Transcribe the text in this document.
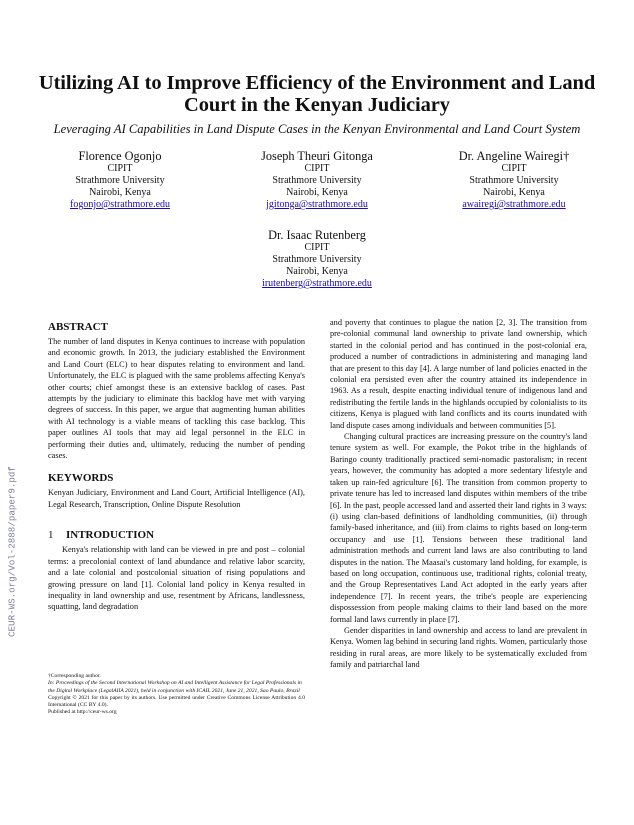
CEUR-WS.org/Vol-2888/paper9.pdf
Utilizing AI to Improve Efficiency of the Environment and Land
Court in the Kenyan Judiciary
Leveraging AI Capabilities in Land Dispute Cases in the Kenyan Environmental and Land Court System
Florence Ogonjo
CIPIT
Strathmore University
Nairobi, Kenya
fogonjo@strathmore.edu
Joseph Theuri Gitonga
CIPIT
Strathmore University
Nairobi, Kenya
jgitonga@strathmore.edu
Dr. Angeline Wairegi†
CIPIT
Strathmore University
Nairobi, Kenya
awairegi@strathmore.edu
Dr. Isaac Rutenberg
CIPIT
Strathmore University
Nairobi, Kenya
irutenberg@strathmore.edu
ABSTRACT

The number of land disputes in Kenya continues to increase with population and economic growth. In 2013, the judiciary established the Environment and Land Court (ELC) to hear disputes relating to environment and land. Unfortunately, the ELC is plagued with the same problems affecting Kenya's other courts; chief amongst these is an extensive backlog of cases. Past attempts by the judiciary to eliminate this backlog have met with varying degrees of success. In this paper, we argue that augmenting human abilities with AI technology is a viable means of tackling this case backlog. This paper outlines AI tools that may aid legal personnel in the ELC in performing their duties and, ultimately, reducing the number of pending cases.

KEYWORDS

Kenyan Judiciary, Environment and Land Court, Artificial Intelligence (AI), Legal Research, Transcription, Online Dispute Resolution

1 INTRODUCTION

Kenya's relationship with land can be viewed in pre and post – colonial terms: a precolonial context of land abundance and relative labor scarcity, and a late colonial and postcolonial situation of rising populations and growing pressure on land [1]. Colonial land policy in Kenya resulted in inequality in land ownership and use, resentment by Africans, landlessness, squatting, land degradation

†Corresponding author.
In: Proceedings of the Second International Workshop on AI and Intelligent Assistance for Legal Professionals in the Digital Workplace (LegalAIIA 2021), held in conjunction with ICAIL 2021, June 21, 2021, Sao Paulo, Brazil
Copyright © 2021 for this paper by its authors. Use permitted under Creative Commons License Attribution 4.0 International (CC BY 4.0).
Published at http://ceur-ws.org

and poverty that continues to plague the nation [2, 3]. The transition from pre-colonial communal land ownership to private land ownership, which started in the colonial period and has continued in the post-colonial era, produced a number of contradictions in administering and managing land that are present to this day [4]. A large number of land policies enacted in the colonial era persisted even after the country attained its independence in 1963. As a result, despite enacting individual tenure of indigenous land and redistributing the fertile lands in the highlands occupied by colonialists to its citizens, Kenya is plagued with land conflicts and its courts inundated with land dispute cases among individuals and between communities [5].

Changing cultural practices are increasing pressure on the country's land tenure system as well. For example, the Pokot tribe in the highlands of Baringo county traditionally practiced semi-nomadic pastoralism; in recent years, however, the community has adopted a more sedentary lifestyle and taken up rain-fed agriculture [6]. The transition from common property to private tenure has led to increased land disputes within members of the tribe [6]. In the past, people accessed land and asserted their land rights in 3 ways: (i) using clan-based definitions of landholding communities, (ii) through family-based inheritance, and (iii) from claims to rights based on long-term occupancy and use [1]. Tensions between these traditional land administration methods and current land laws are also contributing to land disputes in the nation. The Maasai's customary land holding, for example, is based on long occupation, continuous use, traditional rights, colonial treaty, and the Group Representatives Land Act adopted in the early years after independence [7]. In recent years, the tribe's people are experiencing dispossession from people making claims to their land based on the more formal land laws currently in place [7].

Gender disparities in land ownership and access to land are prevalent in Kenya. Women lag behind in securing land rights. Women, particularly those residing in rural areas, are more likely to be systematically excluded from family and patriarchal land
